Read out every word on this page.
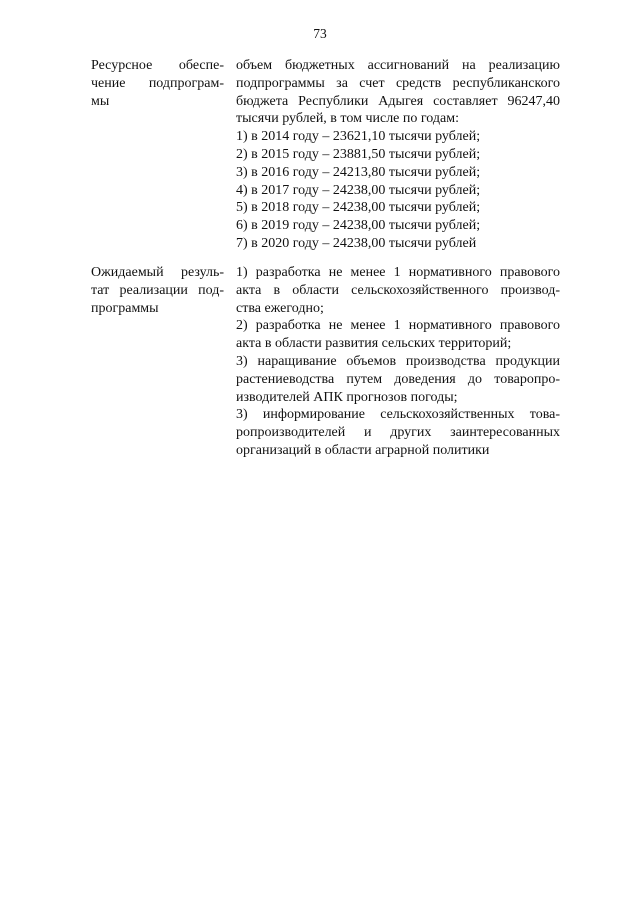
73
Ресурсное обеспе-
чение подпрограм-
мы
объем бюджетных ассигнований на реализацию
подпрограммы за счет средств республиканского
бюджета Республики Адыгея составляет 96247,40
тысячи рублей, в том числе по годам:
1) в 2014 году – 23621,10 тысячи рублей;
2) в 2015 году – 23881,50 тысячи рублей;
3) в 2016 году – 24213,80 тысячи рублей;
4) в 2017 году – 24238,00 тысячи рублей;
5) в 2018 году – 24238,00 тысячи рублей;
6) в 2019 году – 24238,00 тысячи рублей;
7) в 2020 году – 24238,00 тысячи рублей
Ожидаемый резуль-
тат реализации под-
программы
1) разработка не менее 1 нормативного правового
акта в области сельскохозяйственного производ-
ства ежегодно;
2) разработка не менее 1 нормативного правового
акта в области развития сельских территорий;
3) наращивание объемов производства продукции
растениеводства путем доведения до товаропро-
изводителей АПК прогнозов погоды;
3) информирование сельскохозяйственных това-
ропроизводителей и других заинтересованных
организаций в области аграрной политики
